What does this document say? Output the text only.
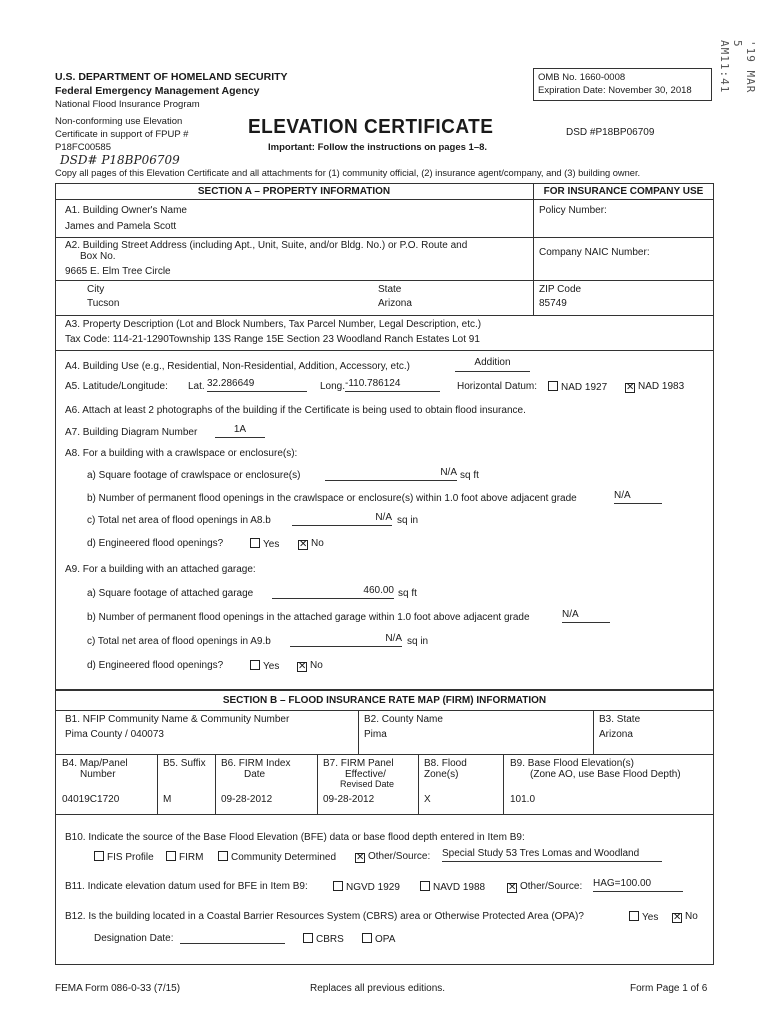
'19 MAR 5 AM11:41
U.S. DEPARTMENT OF HOMELAND SECURITY
Federal Emergency Management Agency
National Flood Insurance Program
Non-conforming use Elevation
Certificate in support of FPUP #
P18FC00585
DSD# P18BP06709
ELEVATION CERTIFICATE
Important: Follow the instructions on pages 1–8.
OMB No. 1660-0008
Expiration Date: November 30, 2018
DSD #P18BP06709
Copy all pages of this Elevation Certificate and all attachments for (1) community official, (2) insurance agent/company, and (3) building owner.
SECTION A – PROPERTY INFORMATION	FOR INSURANCE COMPANY USE
A1. Building Owner's Name
James and Pamela Scott
Policy Number:
A2. Building Street Address (including Apt., Unit, Suite, and/or Bldg. No.) or P.O. Route and
Box No.
9665 E. Elm Tree Circle
Company NAIC Number:
City
Tucson
State
Arizona
ZIP Code
85749
A3. Property Description (Lot and Block Numbers, Tax Parcel Number, Legal Description, etc.)
Tax Code: 114-21-1290Township 13S Range 15E Section 23 Woodland Ranch Estates Lot 91
A4. Building Use (e.g., Residential, Non-Residential, Addition, Accessory, etc.)	Addition
A5. Latitude/Longitude: Lat. 32.286649	Long. -110.786124	Horizontal Datum:	NAD 1927 ✕ NAD 1983
A6. Attach at least 2 photographs of the building if the Certificate is being used to obtain flood insurance.
A7. Building Diagram Number	1A
A8. For a building with a crawlspace or enclosure(s):
a) Square footage of crawlspace or enclosure(s)	N/A sq ft
b) Number of permanent flood openings in the crawlspace or enclosure(s) within 1.0 foot above adjacent grade	N/A
c) Total net area of flood openings in A8.b	N/A sq in
d) Engineered flood openings?	Yes ✕ No
A9. For a building with an attached garage:
a) Square footage of attached garage	460.00 sq ft
b) Number of permanent flood openings in the attached garage within 1.0 foot above adjacent grade	N/A
c) Total net area of flood openings in A9.b	N/A sq in
d) Engineered flood openings?	Yes ✕ No
SECTION B – FLOOD INSURANCE RATE MAP (FIRM) INFORMATION
B1. NFIP Community Name & Community Number
Pima County / 040073
B2. County Name
Pima
B3. State
Arizona
B4. Map/Panel
Number
04019C1720
B5. Suffix
M
B6. FIRM Index
Date
09-28-2012
B7. FIRM Panel
Effective/
Revised Date
09-28-2012
B8. Flood
Zone(s)
X
B9. Base Flood Elevation(s)
(Zone AO, use Base Flood Depth)
101.0
B10. Indicate the source of the Base Flood Elevation (BFE) data or base flood depth entered in Item B9:
FIS Profile	FIRM	Community Determined ✕ Other/Source: Special Study 53 Tres Lomas and Woodland
B11. Indicate elevation datum used for BFE in Item B9:	NGVD 1929	NAVD 1988 ✕ Other/Source: HAG=100.00
B12. Is the building located in a Coastal Barrier Resources System (CBRS) area or Otherwise Protected Area (OPA)?	Yes ✕ No
Designation Date:	CBRS	OPA
FEMA Form 086-0-33 (7/15)	Replaces all previous editions.	Form Page 1 of 6
